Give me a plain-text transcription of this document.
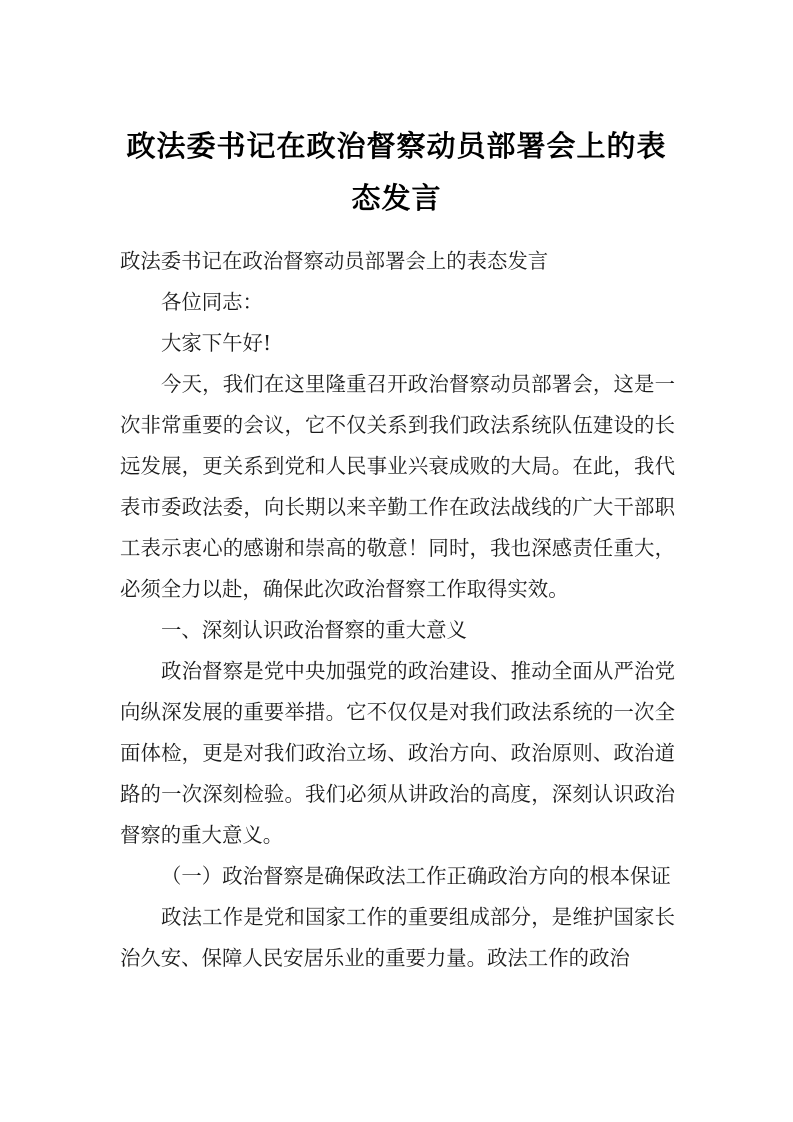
政法委书记在政治督察动员部署会上的表态发言

政法委书记在政治督察动员部署会上的表态发言

各位同志：

大家下午好!

今天，我们在这里隆重召开政治督察动员部署会，这是一次非常重要的会议，它不仅关系到我们政法系统队伍建设的长远发展，更关系到党和人民事业兴衰成败的大局。在此，我代表市委政法委，向长期以来辛勤工作在政法战线的广大干部职工表示衷心的感谢和崇高的敬意！同时，我也深感责任重大，必须全力以赴，确保此次政治督察工作取得实效。

一、深刻认识政治督察的重大意义

政治督察是党中央加强党的政治建设、推动全面从严治党向纵深发展的重要举措。它不仅仅是对我们政法系统的一次全面体检，更是对我们政治立场、政治方向、政治原则、政治道路的一次深刻检验。我们必须从讲政治的高度，深刻认识政治督察的重大意义。

（一）政治督察是确保政法工作正确政治方向的根本保证

政法工作是党和国家工作的重要组成部分，是维护国家长治久安、保障人民安居乐业的重要力量。政法工作的政治
